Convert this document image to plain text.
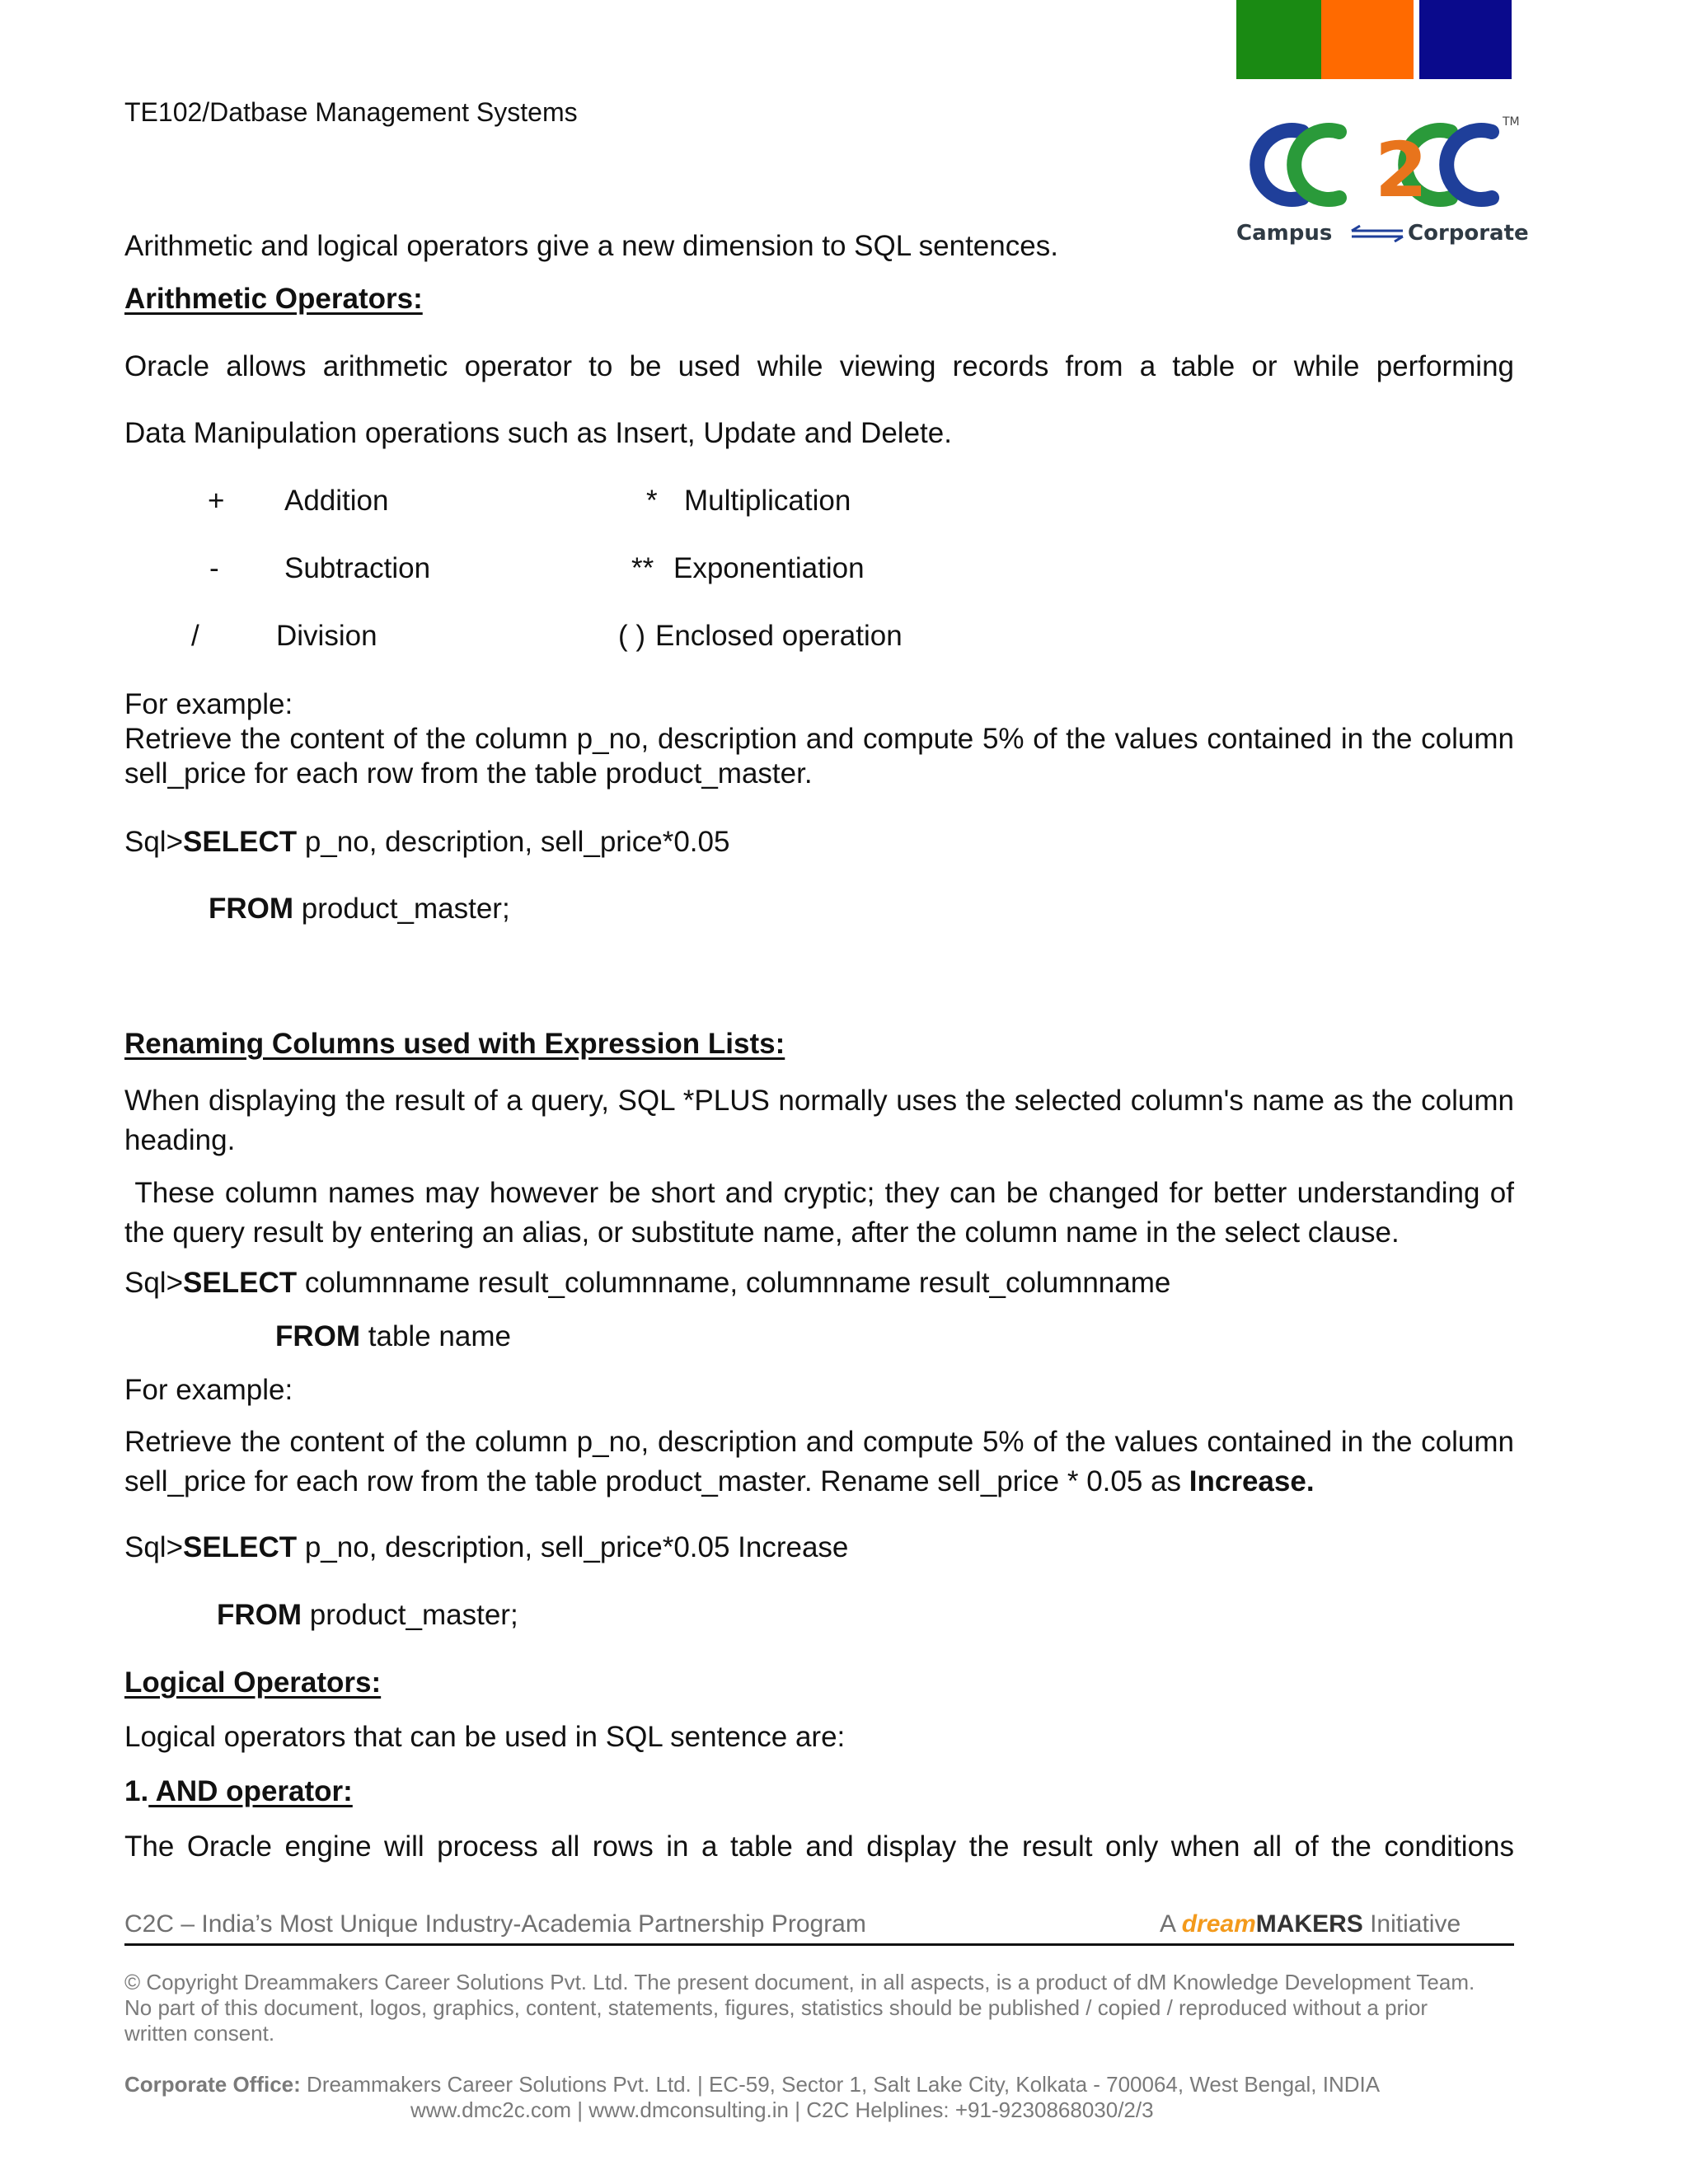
2
TM
Campus	Corporate
TE102/Datbase Management Systems
Arithmetic and logical operators give a new dimension to SQL sentences.
Arithmetic Operators:
Oracle allows arithmetic operator to be used while viewing records from a table or while performing
Data Manipulation operations such as Insert, Update and Delete.
+ Addition	* Multiplication
- Subtraction	** Exponentiation
/	Division	( ) Enclosed operation
For example:
Retrieve the content of the column p_no, description and compute 5% of the values contained in the column sell_price for each row from the table product_master.
Sql>SELECT p_no, description, sell_price*0.05
FROM product_master;
Renaming Columns used with Expression Lists:
When displaying the result of a query, SQL *PLUS normally uses the selected column's name as the column heading.
These column names may however be short and cryptic; they can be changed for better understanding of the query result by entering an alias, or substitute name, after the column name in the select clause.
Sql>SELECT columnname result_columnname, columnname result_columnname
FROM table name
For example:
Retrieve the content of the column p_no, description and compute 5% of the values contained in the column sell_price for each row from the table product_master. Rename sell_price * 0.05 as Increase.
Sql>SELECT p_no, description, sell_price*0.05 Increase
FROM product_master;
Logical Operators:
Logical operators that can be used in SQL sentence are:
1. AND operator:
The Oracle engine will process all rows in a table and display the result only when all of the conditions
C2C – India’s Most Unique Industry-Academia Partnership Program	A dreamMAKERS Initiative
© Copyright Dreammakers Career Solutions Pvt. Ltd. The present document, in all aspects, is a product of dM Knowledge Development Team. No part of this document, logos, graphics, content, statements, figures, statistics should be published / copied / reproduced without a prior written consent.
Corporate Office: Dreammakers Career Solutions Pvt. Ltd. | EC-59, Sector 1, Salt Lake City, Kolkata - 700064, West Bengal, INDIA
www.dmc2c.com | www.dmconsulting.in | C2C Helplines: +91-9230868030/2/3
